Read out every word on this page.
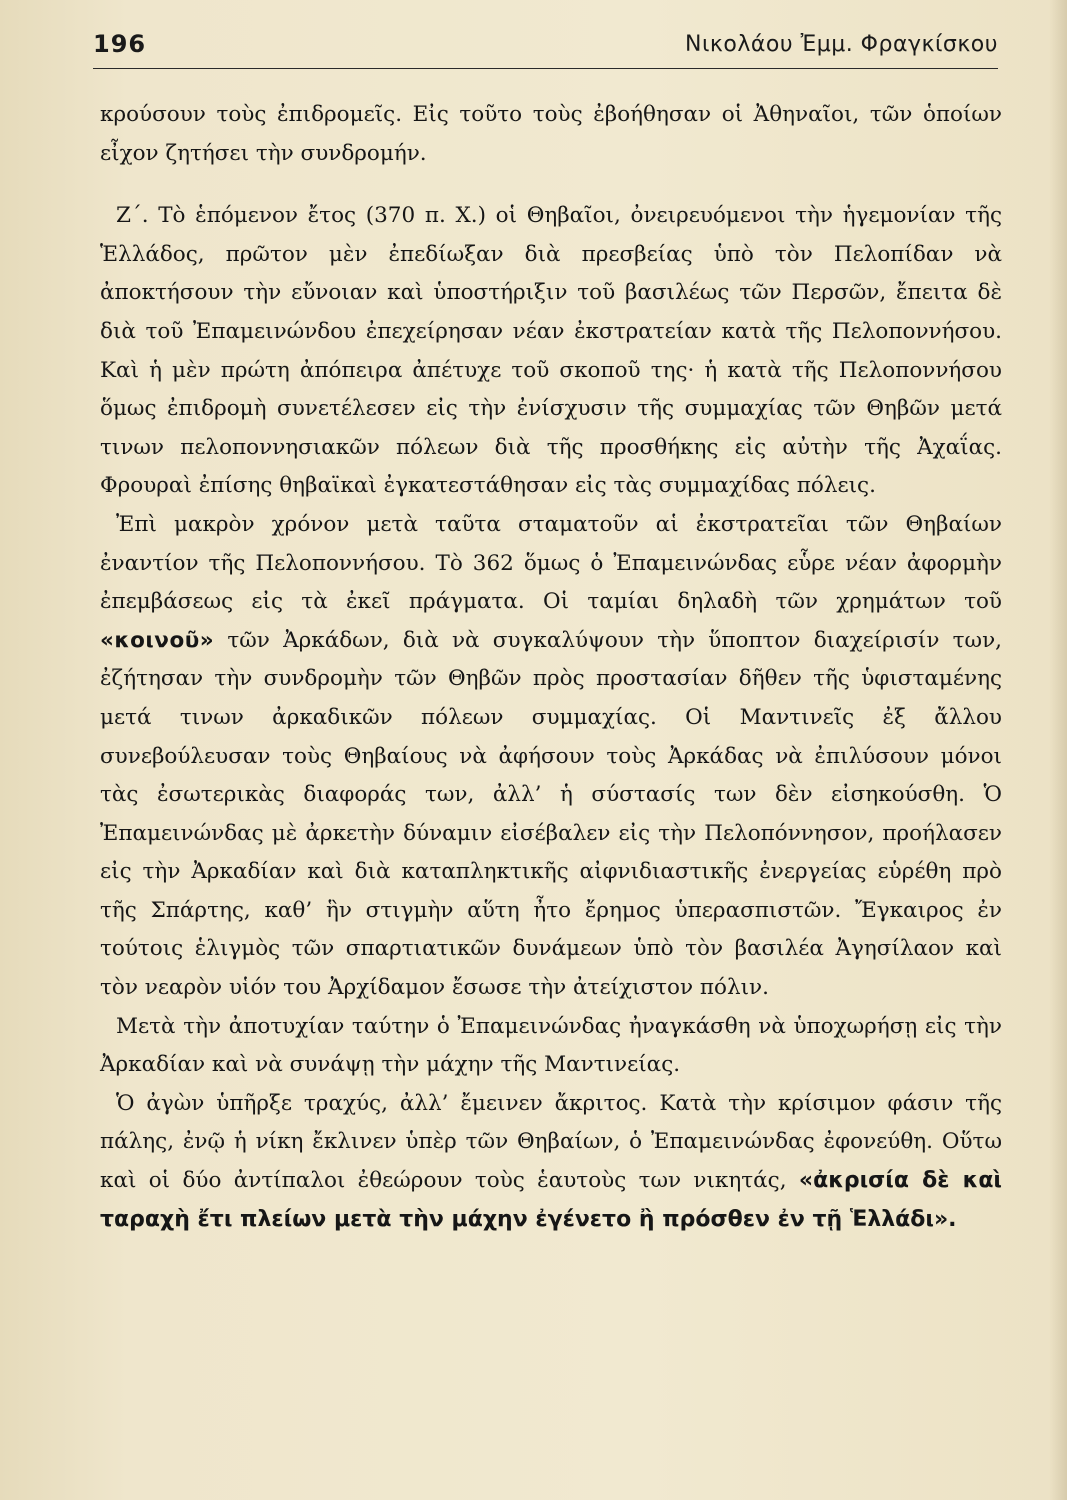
196	Νικολάου Ἐμμ. Φραγκίσκου

κρούσουν τοὺς ἐπιδρομεῖς. Εἰς τοῦτο τοὺς ἐβοήθησαν οἱ Ἀθηναῖοι, τῶν ὁποίων εἶχον ζητήσει τὴν συνδρομήν.

Ζ΄. Τὸ ἑπόμενον ἔτος (370 π. Χ.) οἱ Θηβαῖοι, ὀνειρευόμενοι τὴν ἡγεμονίαν τῆς Ἑλλάδος, πρῶτον μὲν ἐπεδίωξαν διὰ πρεσβείας ὑπὸ τὸν Πελοπίδαν νὰ ἀποκτήσουν τὴν εὔνοιαν καὶ ὑποστήριξιν τοῦ βασιλέως τῶν Περσῶν, ἔπειτα δὲ διὰ τοῦ Ἐπαμεινώνδου ἐπεχείρησαν νέαν ἐκστρατείαν κατὰ τῆς Πελοποννήσου. Καὶ ἡ μὲν πρώτη ἀπόπειρα ἀπέτυχε τοῦ σκοποῦ της· ἡ κατὰ τῆς Πελοποννήσου ὅμως ἐπιδρομὴ συνετέλεσεν εἰς τὴν ἐνίσχυσιν τῆς συμμαχίας τῶν Θηβῶν μετά τινων πελοποννησιακῶν πόλεων διὰ τῆς προσθήκης εἰς αὐτὴν τῆς Ἀχαΐας. Φρουραὶ ἐπίσης θηβαϊκαὶ ἐγκατεστάθησαν εἰς τὰς συμμαχίδας πόλεις.

Ἐπὶ μακρὸν χρόνον μετὰ ταῦτα σταματοῦν αἱ ἐκστρατεῖαι τῶν Θηβαίων ἐναντίον τῆς Πελοποννήσου. Τὸ 362 ὅμως ὁ Ἐπαμεινώνδας εὗρε νέαν ἀφορμὴν ἐπεμβάσεως εἰς τὰ ἐκεῖ πράγματα. Οἱ ταμίαι δηλαδὴ τῶν χρημάτων τοῦ «κοινοῦ» τῶν Ἀρκάδων, διὰ νὰ συγκαλύψουν τὴν ὕποπτον διαχείρισίν των, ἐζήτησαν τὴν συνδρομὴν τῶν Θηβῶν πρὸς προστασίαν δῆθεν τῆς ὑφισταμένης μετά τινων ἀρκαδικῶν πόλεων συμμαχίας. Οἱ Μαντινεῖς ἐξ ἄλλου συνεβούλευσαν τοὺς Θηβαίους νὰ ἀφήσουν τοὺς Ἀρκάδας νὰ ἐπιλύσουν μόνοι τὰς ἐσωτερικὰς διαφοράς των, ἀλλ’ ἡ σύστασίς των δὲν εἰσηκούσθη. Ὁ Ἐπαμεινώνδας μὲ ἀρκετὴν δύναμιν εἰσέβαλεν εἰς τὴν Πελοπόννησον, προήλασεν εἰς τὴν Ἀρκαδίαν καὶ διὰ καταπληκτικῆς αἰφνιδιαστικῆς ἐνεργείας εὑρέθη πρὸ τῆς Σπάρτης, καθ’ ἣν στιγμὴν αὕτη ἦτο ἔρημος ὑπερασπιστῶν. Ἔγκαιρος ἐν τούτοις ἑλιγμὸς τῶν σπαρτιατικῶν δυνάμεων ὑπὸ τὸν βασιλέα Ἀγησίλαον καὶ τὸν νεαρὸν υἱόν του Ἀρχίδαμον ἔσωσε τὴν ἀτείχιστον πόλιν.

Μετὰ τὴν ἀποτυχίαν ταύτην ὁ Ἐπαμεινώνδας ἠναγκάσθη νὰ ὑποχωρήσῃ εἰς τὴν Ἀρκαδίαν καὶ νὰ συνάψῃ τὴν μάχην τῆς Μαντινείας.

Ὁ ἀγὼν ὑπῆρξε τραχύς, ἀλλ’ ἔμεινεν ἄκριτος. Κατὰ τὴν κρίσιμον φάσιν τῆς πάλης, ἐνῷ ἡ νίκη ἔκλινεν ὑπὲρ τῶν Θηβαίων, ὁ Ἐπαμεινώνδας ἐφονεύθη. Οὕτω καὶ οἱ δύο ἀντίπαλοι ἐθεώρουν τοὺς ἑαυτοὺς των νικητάς, «ἀκρισία δὲ καὶ ταραχὴ ἔτι πλείων μετὰ τὴν μάχην ἐγένετο ἢ πρόσθεν ἐν τῇ Ἑλλάδι».
